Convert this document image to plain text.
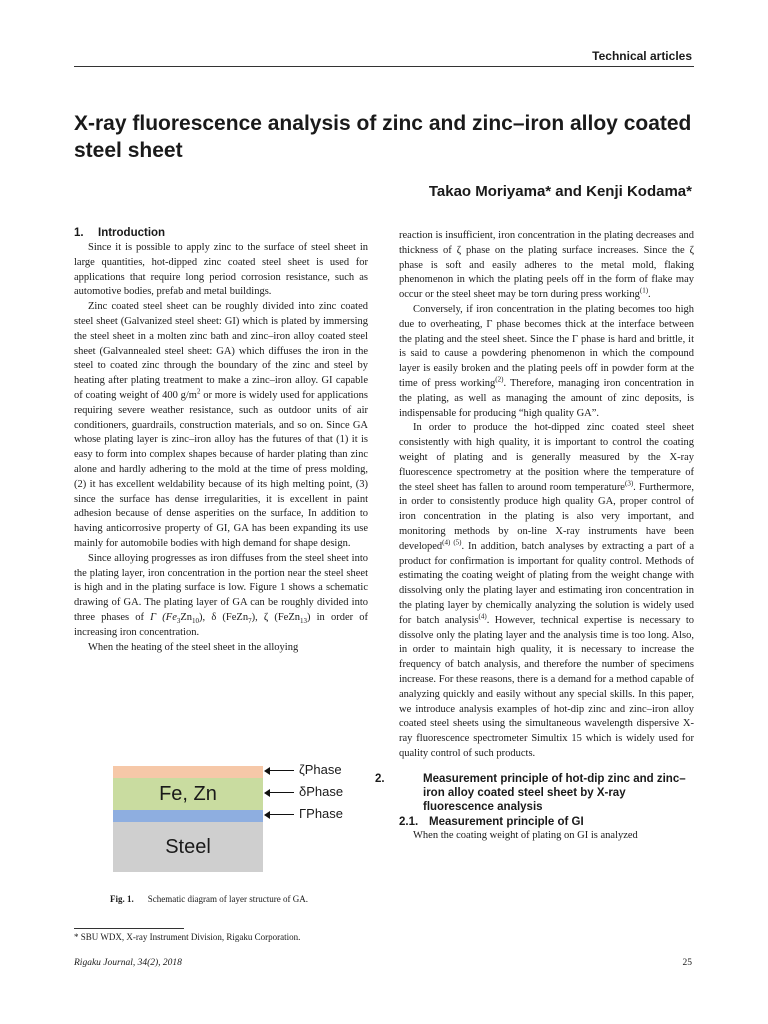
Technical articles
X-ray fluorescence analysis of zinc and zinc–iron alloy coated steel sheet
Takao Moriyama* and Kenji Kodama*
1. Introduction

Since it is possible to apply zinc to the surface of steel sheet in large quantities, hot-dipped zinc coated steel sheet is used for applications that require long period corrosion resistance, such as automotive bodies, prefab and metal buildings.

Zinc coated steel sheet can be roughly divided into zinc coated steel sheet (Galvanized steel sheet: GI) which is plated by immersing the steel sheet in a molten zinc bath and zinc–iron alloy coated steel sheet (Galvannealed steel sheet: GA) which diffuses the iron in the steel to coated zinc through the boundary of the zinc and steel by heating after plating treatment to make a zinc–iron alloy. GI capable of coating weight of 400 $g/m^2$ or more is widely used for applications requiring severe weather resistance, such as outdoor units of air conditioners, guardrails, construction materials, and so on. Since GA whose plating layer is zinc–iron alloy has the futures of that (1) it is easy to form into complex shapes because of harder plating than zinc alone and hardly adhering to the mold at the time of press molding, (2) it has excellent weldability because of its high melting point, (3) since the surface has dense irregularities, it is excellent in paint adhesion because of dense asperities on the surface, In addition to having anticorrosive property of GI, GA has been expanding its use mainly for automobile bodies with high demand for shape design.

Since alloying progresses as iron diffuses from the steel sheet into the plating layer, iron concentration in the portion near the steel sheet is high and in the plating surface is low. Figure 1 shows a schematic drawing of GA. The plating layer of GA can be roughly divided into three phases of Γ $(Fe_3Zn_{10})$, δ (FeZn$_7$), ζ (FeZn$_{13}$) in order of increasing iron concentration.

When the heating of the steel sheet in the alloying

Fe, Zn
Steel
ζPhase
δPhase
ΓPhase
Fig. 1. Schematic diagram of layer structure of GA.
* SBU WDX, X-ray Instrument Division, Rigaku Corporation.
Rigaku Journal, 34(2), 2018	25

reaction is insufficient, iron concentration in the plating decreases and thickness of ζ phase on the plating surface increases. Since the ζ phase is soft and easily adheres to the metal mold, flaking phenomenon in which the plating peels off in the form of flake may occur or the steel sheet may be torn during press working$^{(1)}$.

Conversely, if iron concentration in the plating becomes too high due to overheating, Γ phase becomes thick at the interface between the plating and the steel sheet. Since the Γ phase is hard and brittle, it is said to cause a powdering phenomenon in which the compound layer is easily broken and the plating peels off in powder form at the time of press working$^{(2)}$. Therefore, managing iron concentration in the plating, as well as managing the amount of zinc deposits, is indispensable for producing “high quality GA”.

In order to produce the hot-dipped zinc coated steel sheet consistently with high quality, it is important to control the coating weight of plating and is generally measured by the X-ray fluorescence spectrometry at the position where the temperature of the steel sheet has fallen to around room temperature$^{(3)}$. Furthermore, in order to consistently produce high quality GA, proper control of iron concentration in the plating is also very important, and monitoring methods by on-line X-ray instruments have been developed$^{(4) (5)}$. In addition, batch analyses by extracting a part of a product for confirmation is important for quality control. Methods of estimating the coating weight of plating from the weight change with dissolving only the plating layer and estimating iron concentration in the plating layer by chemically analyzing the solution is widely used for batch analysis$^{(4)}$. However, technical expertise is necessary to dissolve only the plating layer and the analysis time is too long. Also, in order to maintain high quality, it is necessary to increase the frequency of batch analysis, and therefore the number of specimens increase. For these reasons, there is a demand for a method capable of analyzing quickly and easily without any special skills. In this paper, we introduce analysis examples of hot-dip zinc and zinc–iron alloy coated steel sheets using the simultaneous wavelength dispersive X-ray fluorescence spectrometer Simultix 15 which is widely used for quality control of such products.

2.	Measurement principle of hot-dip zinc and zinc–iron alloy coated steel sheet by X-ray fluorescence analysis
2.1. Measurement principle of GI

When the coating weight of plating on GI is analyzed
